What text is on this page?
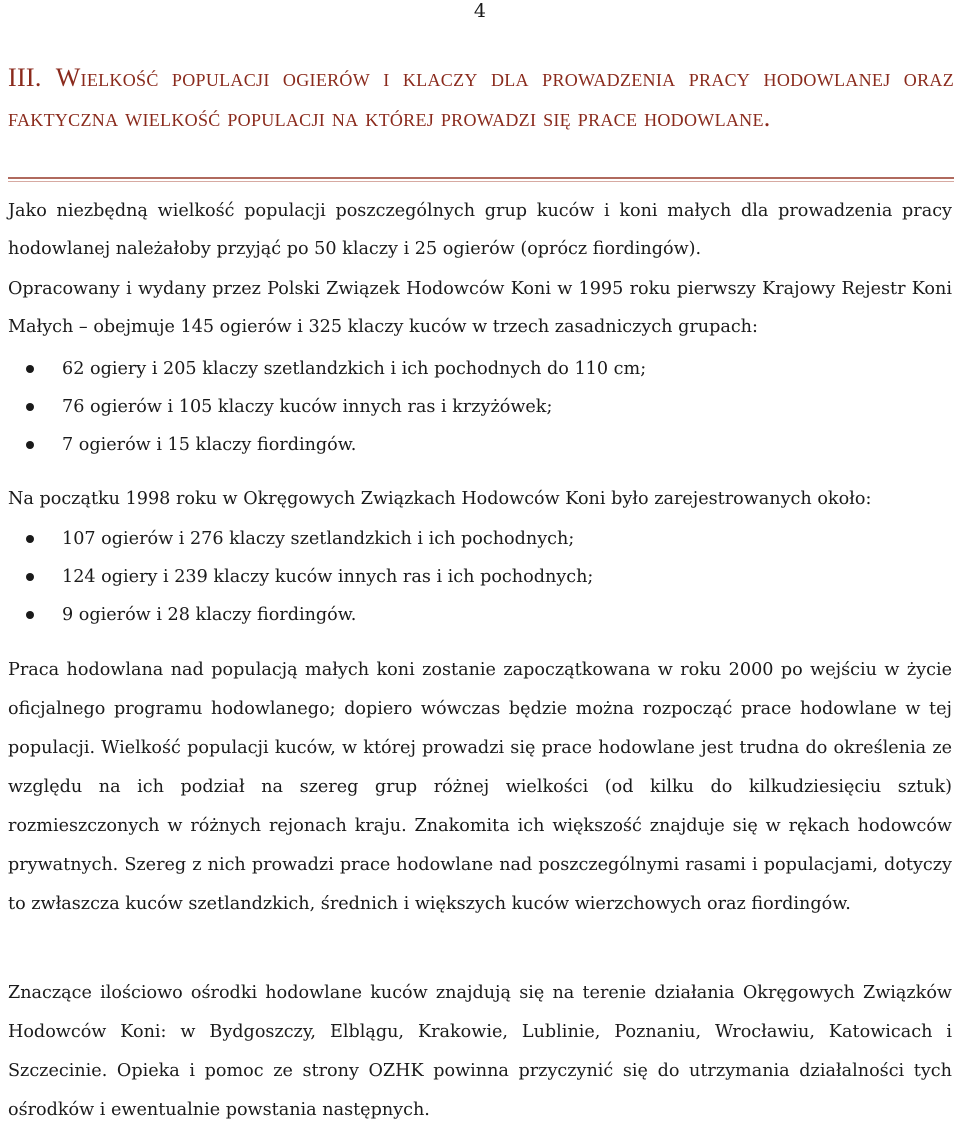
4
III. Wielkość populacji ogierów i klaczy dla prowadzenia pracy hodowlanej oraz faktyczna wielkość populacji na której prowadzi się prace hodowlane.

Jako niezbędną wielkość populacji poszczególnych grup kuców i koni małych dla prowadzenia pracy hodowlanej należałoby przyjąć po 50 klaczy i 25 ogierów (oprócz fiordingów).

Opracowany i wydany przez Polski Związek Hodowców Koni w 1995 roku pierwszy Krajowy Rejestr Koni Małych – obejmuje 145 ogierów i 325 klaczy kuców w trzech zasadniczych grupach:

62 ogiery i 205 klaczy szetlandzkich i ich pochodnych do 110 cm;
76 ogierów i 105 klaczy kuców innych ras i krzyżówek;
7 ogierów i 15 klaczy fiordingów.

Na początku 1998 roku w Okręgowych Związkach Hodowców Koni było zarejestrowanych około:

107 ogierów i 276 klaczy szetlandzkich i ich pochodnych;
124 ogiery i 239 klaczy kuców innych ras i ich pochodnych;
9 ogierów i 28 klaczy fiordingów.

Praca hodowlana nad populacją małych koni zostanie zapoczątkowana w roku 2000 po wejściu w życie oficjalnego programu hodowlanego; dopiero wówczas będzie można rozpocząć prace hodowlane w tej populacji. Wielkość populacji kuców, w której prowadzi się prace hodowlane jest trudna do określenia ze względu na ich podział na szereg grup różnej wielkości (od kilku do kilkudziesięciu sztuk) rozmieszczonych w różnych rejonach kraju. Znakomita ich większość znajduje się w rękach hodowców prywatnych. Szereg z nich prowadzi prace hodowlane nad poszczególnymi rasami i populacjami, dotyczy to zwłaszcza kuców szetlandzkich, średnich i większych kuców wierzchowych oraz fiordingów.

Znaczące ilościowo ośrodki hodowlane kuców znajdują się na terenie działania Okręgowych Związków Hodowców Koni: w Bydgoszczy, Elblągu, Krakowie, Lublinie, Poznaniu, Wrocławiu, Katowicach i Szczecinie. Opieka i pomoc ze strony OZHK powinna przyczynić się do utrzymania działalności tych ośrodków i ewentualnie powstania następnych.
